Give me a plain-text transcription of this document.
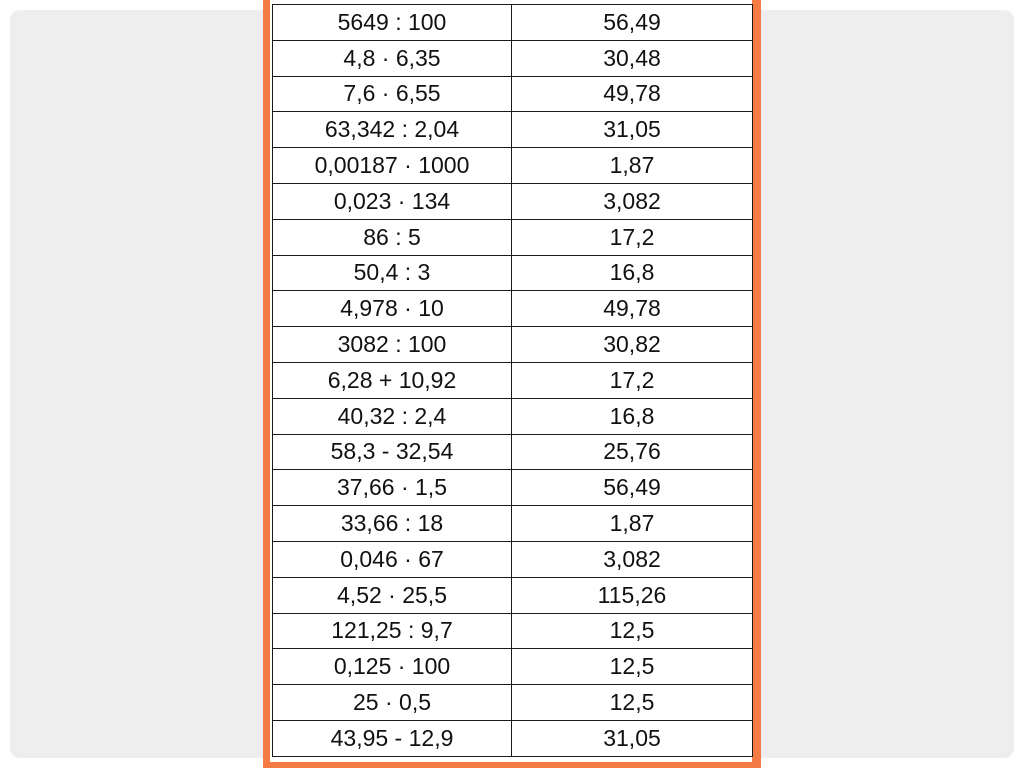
5649 : 100	56,49
4,8 · 6,35	30,48
7,6 · 6,55	49,78
63,342 : 2,04	31,05
0,00187 · 1000	1,87
0,023 · 134	3,082
86 : 5	17,2
50,4 : 3	16,8
4,978 · 10	49,78
3082 : 100	30,82
6,28 + 10,92	17,2
40,32 : 2,4	16,8
58,3 - 32,54	25,76
37,66 · 1,5	56,49
33,66 : 18	1,87
0,046 · 67	3,082
4,52 · 25,5	115,26
121,25 : 9,7	12,5
0,125 · 100	12,5
25 · 0,5	12,5
43,95 - 12,9	31,05
